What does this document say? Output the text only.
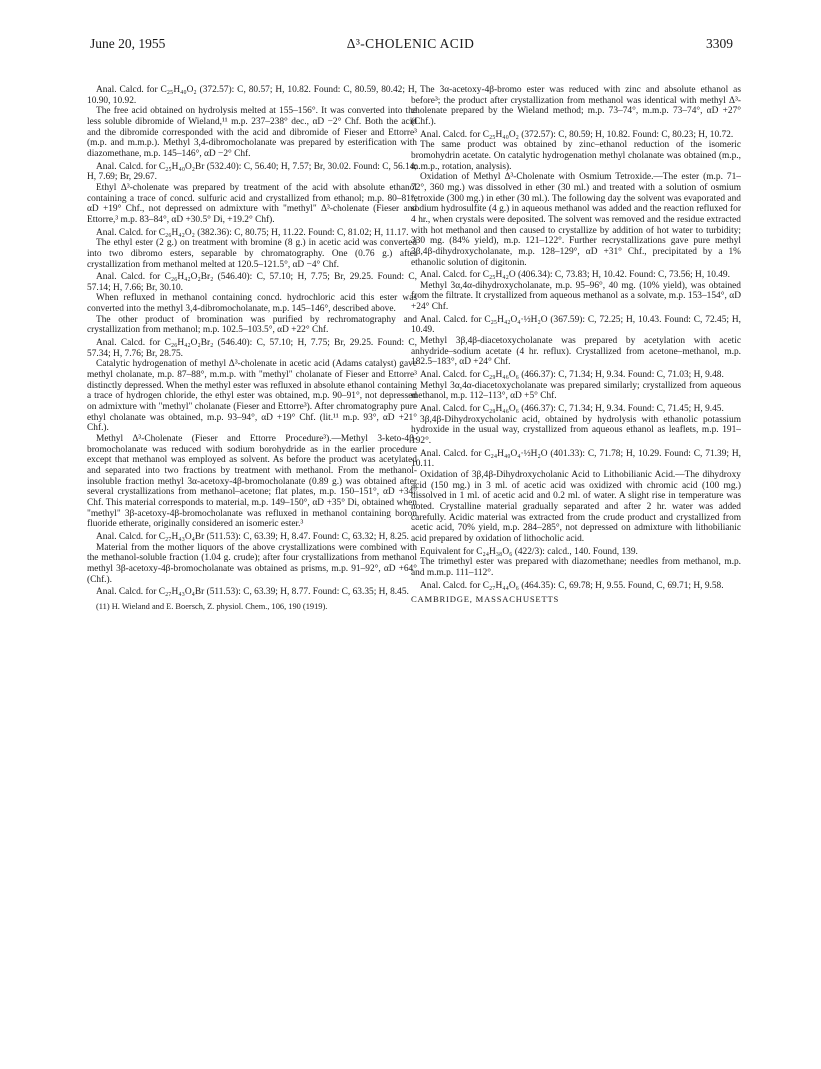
June 20, 1955	Δ³-CHOLENIC ACID	3309

Anal. Calcd. for C₂₅H₄₀O₂ (372.57): C, 80.57; H, 10.82. Found: C, 80.59, 80.42; H, 10.90, 10.92.

The free acid obtained on hydrolysis melted at 155–156°. It was converted into the less soluble dibromide of Wieland,¹¹ m.p. 237–238° dec., αD −2° Chf. Both the acid and the dibromide corresponded with the acid and dibromide of Fieser and Ettorre³ (m.p. and m.m.p.). Methyl 3,4-dibromocholanate was prepared by esterification with diazomethane, m.p. 145–146°, αD −2° Chf.

Anal. Calcd. for C₂₅H₄₀O₂Br (532.40): C, 56.40; H, 7.57; Br, 30.02. Found: C, 56.14; H, 7.69; Br, 29.67.

Ethyl Δ³-cholenate was prepared by treatment of the acid with absolute ethanol containing a trace of concd. sulfuric acid and crystallized from ethanol; m.p. 80–81°, αD +19° Chf., not depressed on admixture with "methyl" Δ³-cholenate (Fieser and Ettorre,³ m.p. 83–84°, αD +30.5° Di, +19.2° Chf).

Anal. Calcd. for C₂₆H₄₂O₂ (382.36): C, 80.75; H, 11.22. Found: C, 81.02; H, 11.17.

The ethyl ester (2 g.) on treatment with bromine (8 g.) in acetic acid was converted into two dibromo esters, separable by chromatography. One (0.76 g.) after crystallization from methanol melted at 120.5–121.5°, αD −4° Chf.

Anal. Calcd. for C₂₆H₄₂O₂Br₂ (546.40): C, 57.10; H, 7.75; Br, 29.25. Found: C, 57.14; H, 7.66; Br, 30.10.

When refluxed in methanol containing concd. hydrochloric acid this ester was converted into the methyl 3,4-dibromocholanate, m.p. 145–146°, described above.

The other product of bromination was purified by rechromatography and crystallization from methanol; m.p. 102.5–103.5°, αD +22° Chf.

Anal. Calcd. for C₂₆H₄₂O₂Br₂ (546.40): C, 57.10; H, 7.75; Br, 29.25. Found: C, 57.34; H, 7.76; Br, 28.75.

Catalytic hydrogenation of methyl Δ³-cholenate in acetic acid (Adams catalyst) gave methyl cholanate, m.p. 87–88°, m.m.p. with "methyl" cholanate of Fieser and Ettorre³ distinctly depressed. When the methyl ester was refluxed in absolute ethanol containing a trace of hydrogen chloride, the ethyl ester was obtained, m.p. 90–91°, not depressed on admixture with "methyl" cholanate (Fieser and Ettorre³). After chromatography pure ethyl cholanate was obtained, m.p. 93–94°, αD +19° Chf. (lit.¹¹ m.p. 93°, αD +21° Chf.).

Methyl Δ³-Cholenate (Fieser and Ettorre Procedure³).—Methyl 3-keto-4β-bromocholanate was reduced with sodium borohydride as in the earlier procedure except that methanol was employed as solvent. As before the product was acetylated and separated into two fractions by treatment with methanol. From the methanol-insoluble fraction methyl 3α-acetoxy-4β-bromocholanate (0.89 g.) was obtained after several crystallizations from methanol–acetone; flat plates, m.p. 150–151°, αD +34° Chf. This material corresponds to material, m.p. 149–150°, αD +35° Di, obtained when "methyl" 3β-acetoxy-4β-bromocholanate was refluxed in methanol containing boron fluoride etherate, originally considered an isomeric ester.³

Anal. Calcd. for C₂₇H₄₃O₄Br (511.53): C, 63.39; H, 8.47. Found: C, 63.32; H, 8.25.

Material from the mother liquors of the above crystallizations were combined with the methanol-soluble fraction (1.04 g. crude); after four crystallizations from methanol methyl 3β-acetoxy-4β-bromocholanate was obtained as prisms, m.p. 91–92°, αD +64° (Chf.).

Anal. Calcd. for C₂₇H₄₃O₄Br (511.53): C, 63.39; H, 8.77. Found: C, 63.35; H, 8.45.

(11) H. Wieland and E. Boersch, Z. physiol. Chem., 106, 190 (1919).

The 3α-acetoxy-4β-bromo ester was reduced with zinc and absolute ethanol as before³; the product after crystallization from methanol was identical with methyl Δ³-cholenate prepared by the Wieland method; m.p. 73–74°, m.m.p. 73–74°, αD +27° (Chf.).

Anal. Calcd. for C₂₅H₄₀O₂ (372.57): C, 80.59; H, 10.82. Found: C, 80.23; H, 10.72.

The same product was obtained by zinc–ethanol reduction of the isomeric bromohydrin acetate. On catalytic hydrogenation methyl cholanate was obtained (m.p., m.m.p., rotation, analysis).

Oxidation of Methyl Δ³-Cholenate with Osmium Tetroxide.—The ester (m.p. 71–72°, 360 mg.) was dissolved in ether (30 ml.) and treated with a solution of osmium tetroxide (300 mg.) in ether (30 ml.). The following day the solvent was evaporated and sodium hydrosulfite (4 g.) in aqueous methanol was added and the reaction refluxed for 4 hr., when crystals were deposited. The solvent was removed and the residue extracted with hot methanol and then caused to crystallize by addition of hot water to turbidity; 330 mg. (84% yield), m.p. 121–122°. Further recrystallizations gave pure methyl 3β,4β-dihydroxycholanate, m.p. 128–129°, αD +31° Chf., precipitated by a 1% ethanolic solution of digitonin.

Anal. Calcd. for C₂₅H₄₂O (406.34): C, 73.83; H, 10.42. Found: C, 73.56; H, 10.49.

Methyl 3α,4α-dihydroxycholanate, m.p. 95–96°, 40 mg. (10% yield), was obtained from the filtrate. It crystallized from aqueous methanol as a solvate, m.p. 153–154°, αD +24° Chf.

Anal. Calcd. for C₂₅H₄₂O₄·½H₂O (367.59): C, 72.25; H, 10.43. Found: C, 72.45; H, 10.49.

Methyl 3β,4β-diacetoxycholanate was prepared by acetylation with acetic anhydride–sodium acetate (4 hr. reflux). Crystallized from acetone–methanol, m.p. 182.5–183°, αD +24° Chf.

Anal. Calcd. for C₂₉H₄₆O₆ (466.37): C, 71.34; H, 9.34. Found: C, 71.03; H, 9.48.

Methyl 3α,4α-diacetoxycholanate was prepared similarly; crystallized from aqueous methanol, m.p. 112–113°, αD +5° Chf.

Anal. Calcd. for C₂₉H₄₆O₆ (466.37): C, 71.34; H, 9.34. Found: C, 71.45; H, 9.45.

3β,4β-Dihydroxycholanic acid, obtained by hydrolysis with ethanolic potassium hydroxide in the usual way, crystallized from aqueous ethanol as leaflets, m.p. 191–192°.

Anal. Calcd. for C₂₄H₄₀O₄·½H₂O (401.33): C, 71.78; H, 10.29. Found: C, 71.39; H, 10.11.

Oxidation of 3β,4β-Dihydroxycholanic Acid to Lithobilianic Acid.—The dihydroxy acid (150 mg.) in 3 ml. of acetic acid was oxidized with chromic acid (100 mg.) dissolved in 1 ml. of acetic acid and 0.2 ml. of water. A slight rise in temperature was noted. Crystalline material gradually separated and after 2 hr. water was added carefully. Acidic material was extracted from the crude product and crystallized from acetic acid, 70% yield, m.p. 284–285°, not depressed on admixture with lithobilianic acid prepared by oxidation of lithocholic acid.

Equivalent for C₂₄H₃₈O₆ (422/3): calcd., 140. Found, 139.

The trimethyl ester was prepared with diazomethane; needles from methanol, m.p. and m.m.p. 111–112°.

Anal. Calcd. for C₂₇H₄₄O₆ (464.35): C, 69.78; H, 9.55. Found, C, 69.71; H, 9.58.

CAMBRIDGE, MASSACHUSETTS
